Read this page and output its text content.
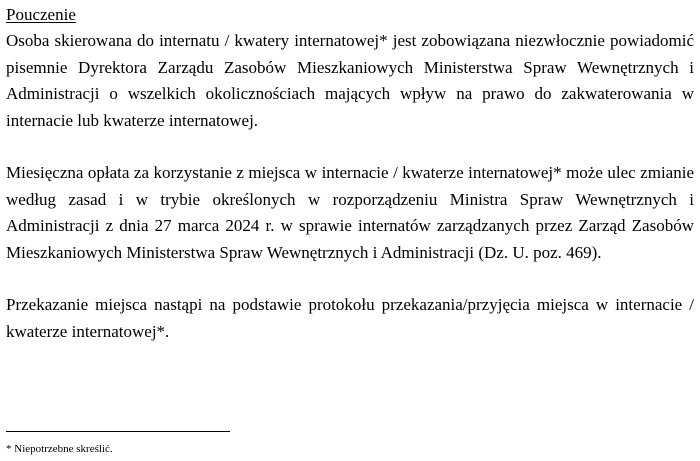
Pouczenie

Osoba skierowana do internatu / kwatery internatowej* jest zobowiązana niezwłocznie powiadomić pisemnie Dyrektora Zarządu Zasobów Mieszkaniowych Ministerstwa Spraw Wewnętrznych i Administracji o wszelkich okolicznościach mających wpływ na prawo do zakwaterowania w internacie lub kwaterze internatowej.

Miesięczna opłata za korzystanie z miejsca w internacie / kwaterze internatowej* może ulec zmianie według zasad i w trybie określonych w rozporządzeniu Ministra Spraw Wewnętrznych i Administracji z dnia 27 marca 2024 r. w sprawie internatów zarządzanych przez Zarząd Zasobów Mieszkaniowych Ministerstwa Spraw Wewnętrznych i Administracji (Dz. U. poz. 469).

Przekazanie miejsca nastąpi na podstawie protokołu przekazania/przyjęcia miejsca w internacie / kwaterze internatowej*.

* Niepotrzebne skreślić.
